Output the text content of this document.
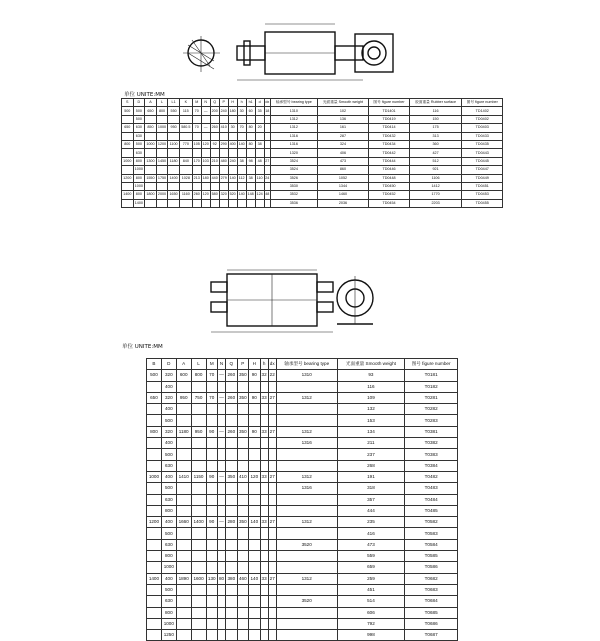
单位 UNITE:MM
S	D	A	L	L1	K	M	N	Q	P	H	h	h1	d	dx	轴承型号 bearing type	光面重量 Smooth weight	图号 figure number	胶面重量 Rubber surface	图号 figure number
500	500	650	800	550	115	70	—	200	240	180	30	60	35	18	1310	102	TD1401	116	TD1402
	500														1312	136	TD0419	150	TD0402
650	630	850	1000	950	580.5	70	—	260	410	30	70	80	20		1312	161	TD0414	175	TD0403
	630														1316	287	TD0432	313	TD0433
800	500	1000	1200	1100	770	105	120	92	290	400	140	80	38		1316	324	TD0434	360	TD0435
	630														1320	406	TD0442	427	TD0443
1000	800	1300	1450	1180	840	170	103	210	480	240	38	98	48	27	3524	473	TD0444	512	TD0445
	1000														3524	860	TD0446	921	TD0447
1200	800	1550	1750	1400	1028	213	180	440	279	140	112	38	110	24	3526	1052	TD0448	1106	TD0449
	1000														3530	1344	TD0450	1412	TD0451
1400	800	1800	2000	1650	1160	260	120	580	320	520	140	148	124	48	3532	1460	TD0452	1770	TD0453
	1400														3536	2036	TD0454	2203	TD0455
单位 UNITE:MM
B	D	A	L	M	N	Q	P	H	h	dx	轴承型号 bearing type	光面重量 Smooth weight	图号 figure number
500	320	600	800	70	—	260	350	90	32	22	1310	93	T0181
	400											116	T0182
650	320	950	750	70	—	260	350	90	33	27	1312	109	T0281
	400											132	T0282
	500											153	T0283
800	320	1180	950	90	—	260	350	90	33	27	1312	134	T0381
	400										1316	211	T0382
	500											237	T0383
	630											268	T0384
1000	400	1410	1150	90	—	350	410	120	33	27	1312	191	T0482
	500										1316	318	T0483
	630											357	T0484
	800											444	T0485
1200	400	1660	1400	90	—	280	350	140	33	27	1312	235	T0582
	500											416	T0583
	630										3520	473	T0584
	800											559	T0585
	1000											659	T0586
1400	400	1890	1600	130	80	380	460	140	33	27	1312	259	T0682
	500											451	T0683
	630										3520	514	T0684
	800											606	T0685
	1000											792	T0686
	1250											998	T0687
